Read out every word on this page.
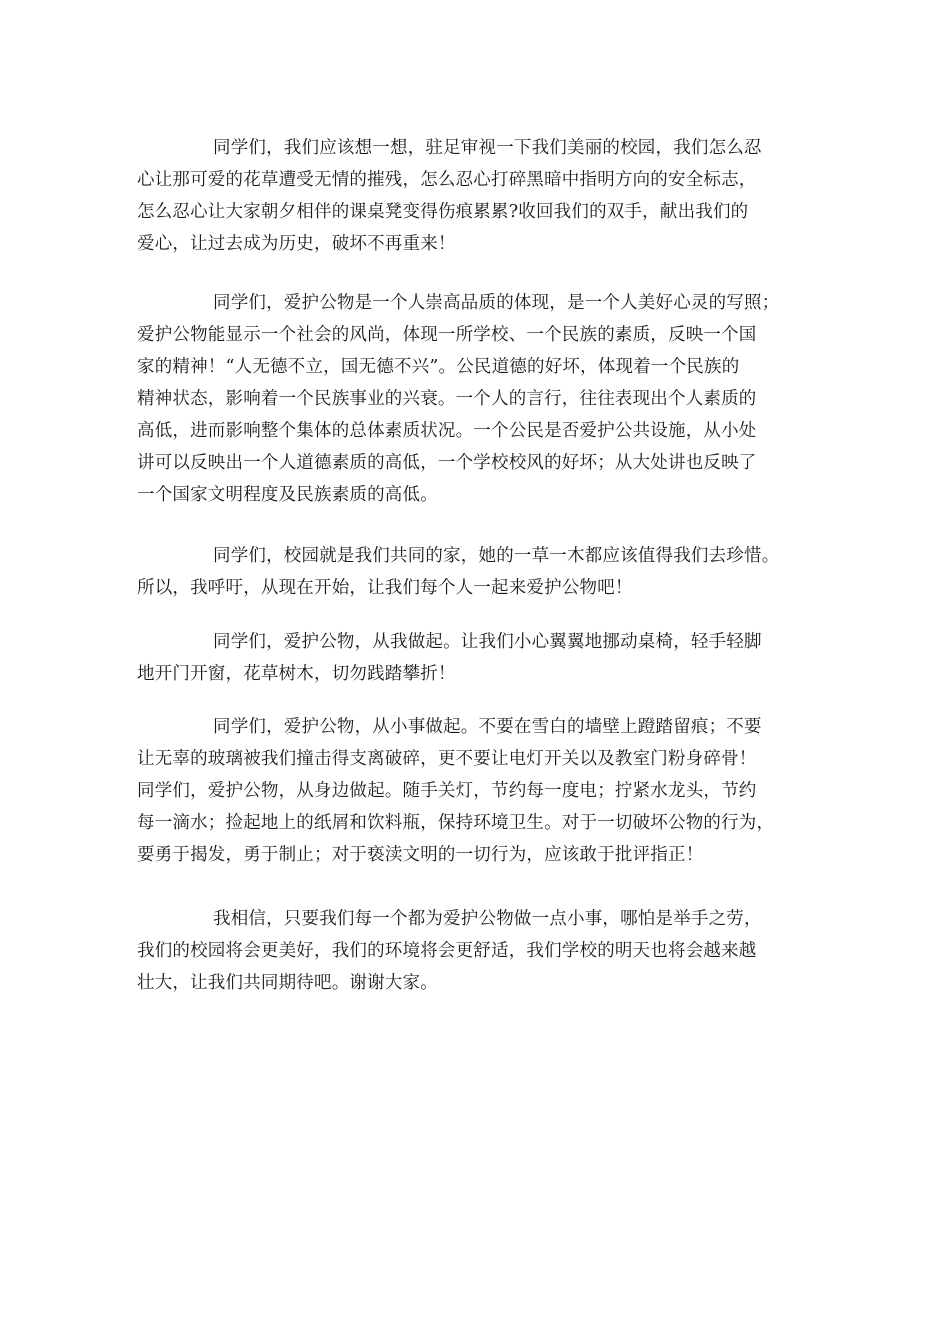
同学们，我们应该想一想，驻足审视一下我们美丽的校园，我们怎么忍
心让那可爱的花草遭受无情的摧残，怎么忍心打碎黑暗中指明方向的安全标志，
怎么忍心让大家朝夕相伴的课桌凳变得伤痕累累?收回我们的双手，献出我们的
爱心，让过去成为历史，破坏不再重来！
同学们，爱护公物是一个人崇高品质的体现，是一个人美好心灵的写照；
爱护公物能显示一个社会的风尚，体现一所学校、一个民族的素质，反映一个国
家的精神！“人无德不立，国无德不兴”。公民道德的好坏，体现着一个民族的
精神状态，影响着一个民族事业的兴衰。一个人的言行，往往表现出个人素质的
高低，进而影响整个集体的总体素质状况。一个公民是否爱护公共设施，从小处
讲可以反映出一个人道德素质的高低，一个学校校风的好坏；从大处讲也反映了
一个国家文明程度及民族素质的高低。
同学们，校园就是我们共同的家，她的一草一木都应该值得我们去珍惜。
所以，我呼吁，从现在开始，让我们每个人一起来爱护公物吧！
同学们，爱护公物，从我做起。让我们小心翼翼地挪动桌椅，轻手轻脚
地开门开窗，花草树木，切勿践踏攀折！
同学们，爱护公物，从小事做起。不要在雪白的墙壁上蹬踏留痕；不要
让无辜的玻璃被我们撞击得支离破碎，更不要让电灯开关以及教室门粉身碎骨！
同学们，爱护公物，从身边做起。随手关灯，节约每一度电；拧紧水龙头，节约
每一滴水；捡起地上的纸屑和饮料瓶，保持环境卫生。对于一切破坏公物的行为，
要勇于揭发，勇于制止；对于亵渎文明的一切行为，应该敢于批评指正！
我相信，只要我们每一个都为爱护公物做一点小事，哪怕是举手之劳，
我们的校园将会更美好，我们的环境将会更舒适，我们学校的明天也将会越来越
壮大，让我们共同期待吧。谢谢大家。
